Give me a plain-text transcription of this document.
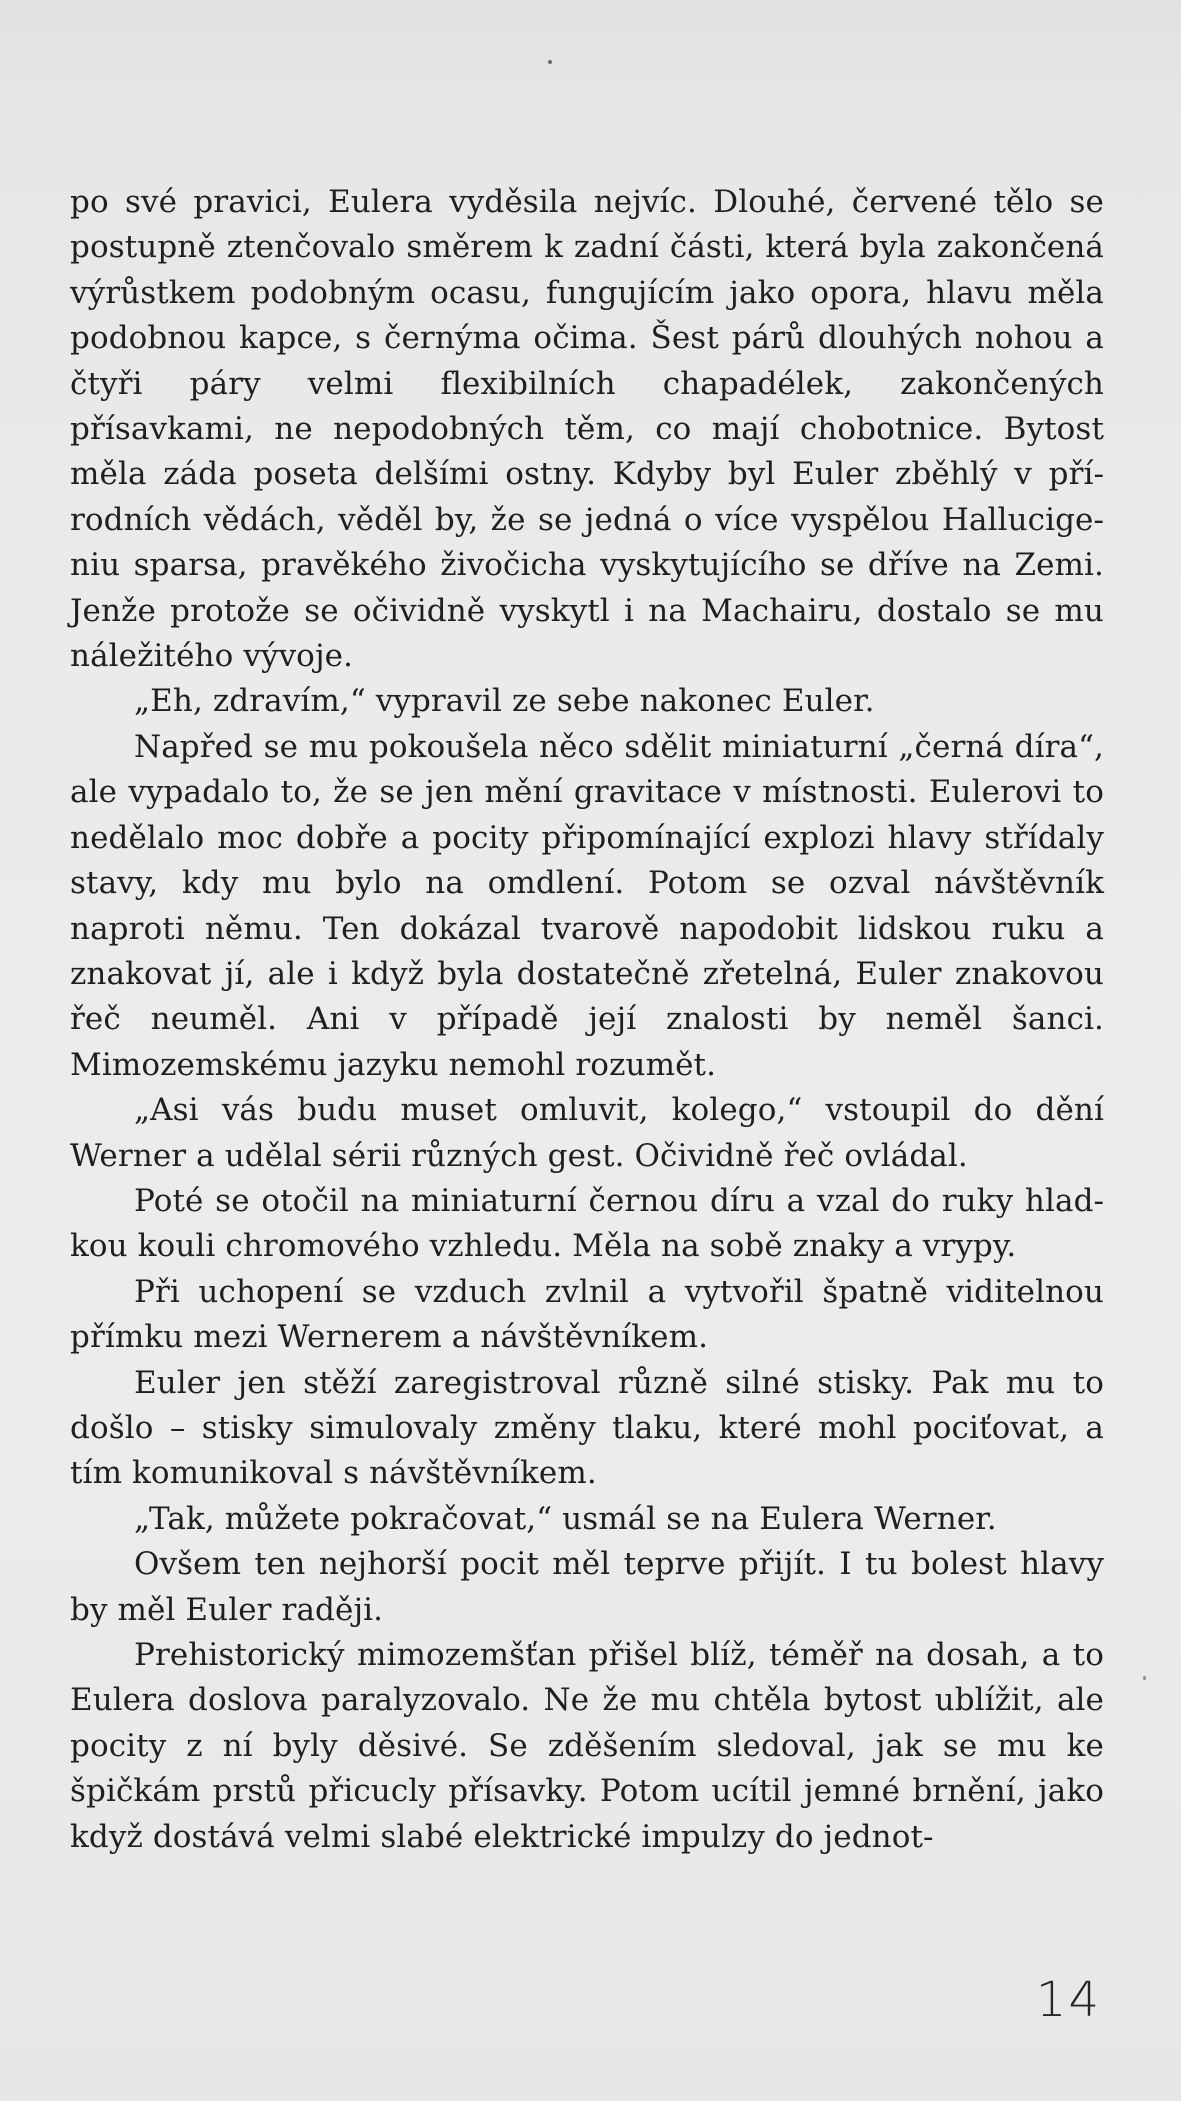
po své pravici, Eulera vyděsila nejvíc. Dlouhé, červené tělo se postupně ztenčovalo směrem k zadní části, která byla zakončená výrůstkem podobným ocasu, fungujícím jako opora, hlavu měla podobnou kapce, s černýma očima. Šest párů dlouhých nohou a čtyři páry velmi flexibilních chapadélek, zakončených přísavkami, ne nepodobných těm, co mají chobotnice. Bytost měla záda poseta delšími ostny. Kdyby byl Euler zběhlý v přírodních vědách, věděl by, že se jedná o více vyspělou Hallucigeniu sparsa, pravěkého živočicha vyskytujícího se dříve na Zemi. Jenže protože se očividně vyskytl i na Machairu, dostalo se mu náležitého vývoje.

„Eh, zdravím,“ vypravil ze sebe nakonec Euler.

Napřed se mu pokoušela něco sdělit miniaturní „černá díra“, ale vypadalo to, že se jen mění gravitace v místnosti. Eulerovi to nedělalo moc dobře a pocity připomínající explozi hlavy střídaly stavy, kdy mu bylo na omdlení. Potom se ozval návštěvník naproti němu. Ten dokázal tvarově napodobit lidskou ruku a znakovat jí, ale i když byla dostatečně zřetelná, Euler znakovou řeč neuměl. Ani v případě její znalosti by neměl šanci. Mimozemskému jazyku nemohl rozumět.

„Asi vás budu muset omluvit, kolego,“ vstoupil do dění Werner a udělal sérii různých gest. Očividně řeč ovládal.

Poté se otočil na miniaturní černou díru a vzal do ruky hladkou kouli chromového vzhledu. Měla na sobě znaky a vrypy.

Při uchopení se vzduch zvlnil a vytvořil špatně viditelnou přímku mezi Wernerem a návštěvníkem.

Euler jen stěží zaregistroval různě silné stisky. Pak mu to došlo – stisky simulovaly změny tlaku, které mohl pociťovat, a tím komunikoval s návštěvníkem.

„Tak, můžete pokračovat,“ usmál se na Eulera Werner.

Ovšem ten nejhorší pocit měl teprve přijít. I tu bolest hlavy by měl Euler raději.

Prehistorický mimozemšťan přišel blíž, téměř na dosah, a to Eulera doslova paralyzovalo. Ne že mu chtěla bytost ublížit, ale pocity z ní byly děsivé. Se zděšením sledoval, jak se mu ke špičkám prstů přicucly přísavky. Potom ucítil jemné brnění, jako když dostává velmi slabé elektrické impulzy do jednot-

14
